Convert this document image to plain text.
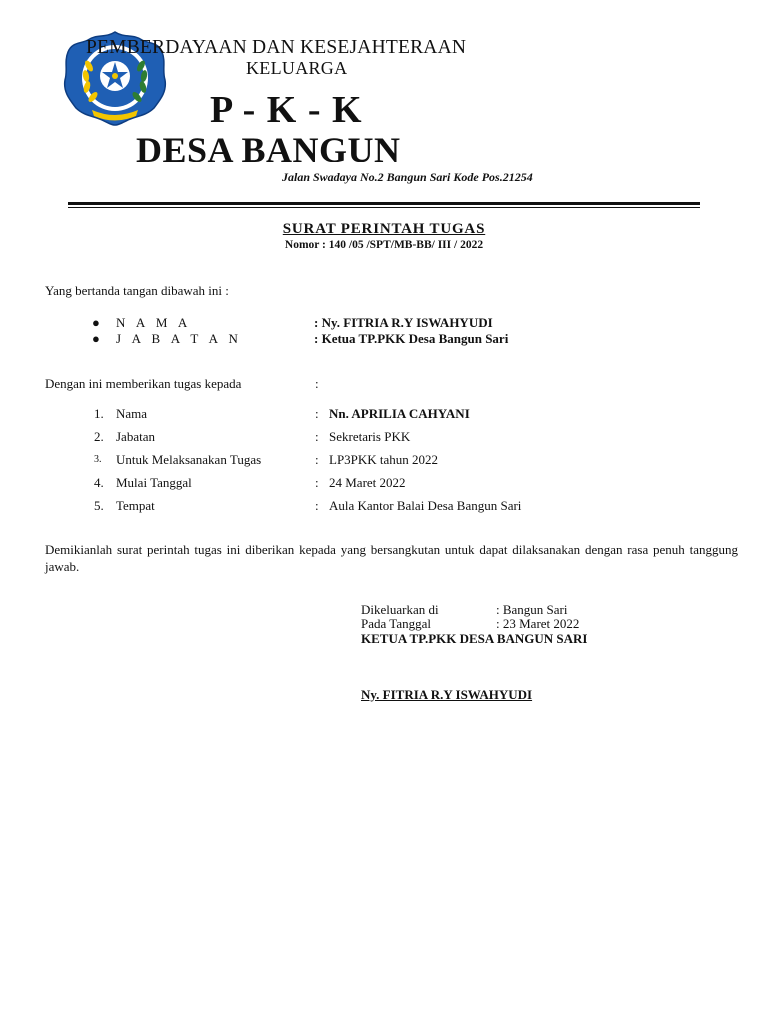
PEMBERDAYAAN DAN KESEJAHTERAAN
KELUARGA
P - K - K
DESA BANGUN
Jalan Swadaya No.2 Bangun Sari Kode Pos.21254
SURAT PERINTAH TUGAS
Nomor : 140 /05 /SPT/MB-BB/ III / 2022
Yang bertanda tangan dibawah ini :
● N A M A	: Ny. FITRIA R.Y ISWAHYUDI
● J A B A T A N	: Ketua TP.PKK Desa Bangun Sari
Dengan ini memberikan tugas kepada	:
1. Nama	: Nn. APRILIA CAHYANI
2. Jabatan	: Sekretaris PKK
3. Untuk Melaksanakan Tugas	: LP3PKK tahun 2022
4. Mulai Tanggal	: 24 Maret 2022
5. Tempat	: Aula Kantor Balai Desa Bangun Sari
Demikianlah surat perintah tugas ini diberikan kepada yang bersangkutan untuk dapat dilaksanakan dengan rasa penuh tanggung jawab.
Dikeluarkan di	: Bangun Sari
Pada Tanggal	: 23 Maret 2022
KETUA TP.PKK DESA BANGUN SARI
Ny. FITRIA R.Y ISWAHYUDI
